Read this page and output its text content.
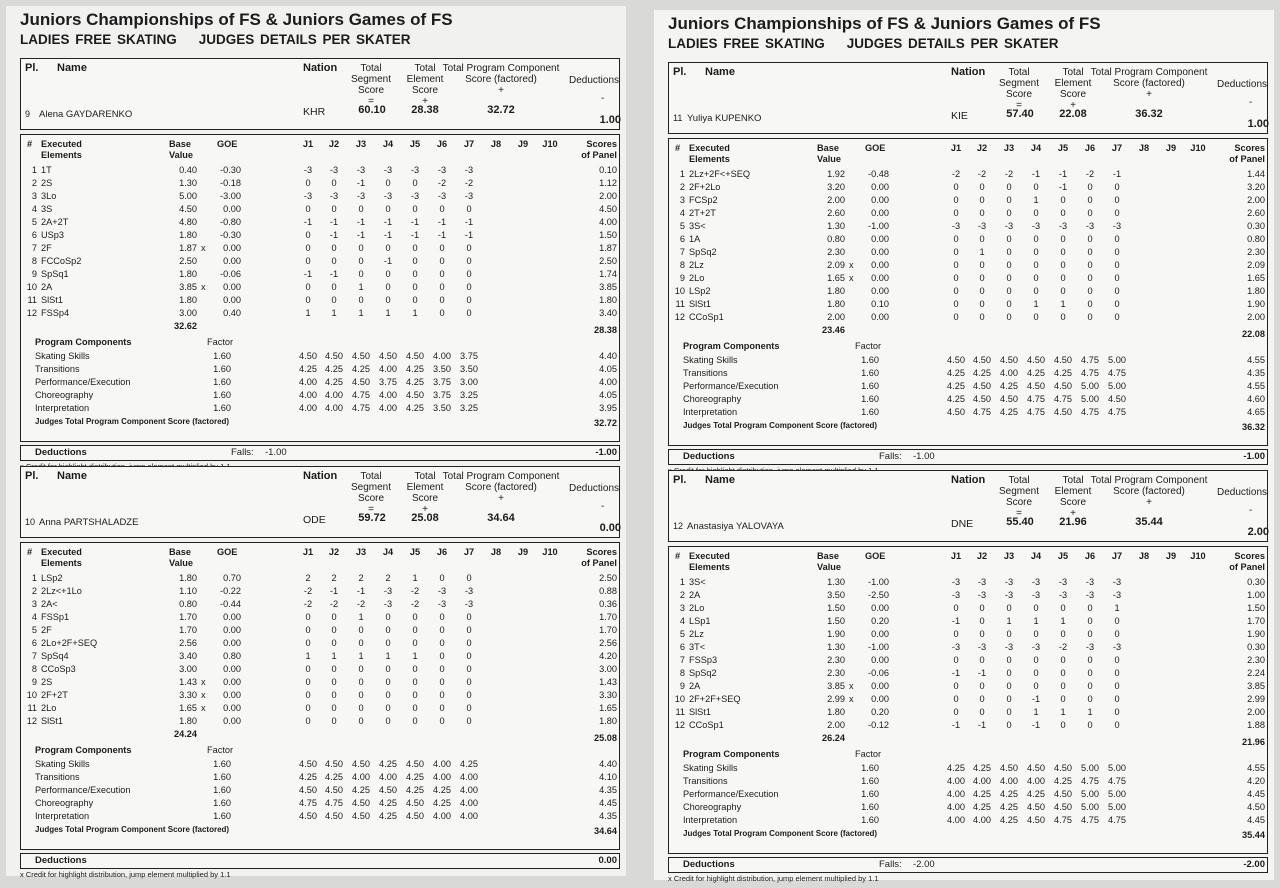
Juniors Championships of FS & Juniors Games of FS
LADIES FREE SKATING JUDGES DETAILS PER SKATER
Pl. Name	Nation	Total Segment Score
=
Total Element Score
+
Total Program Component Score (factored)
+
Deductions
-
9 Alena GAYDARENKO	KHR	60.10	28.38	32.72
1.00
# Executed Elements
Base Value
GOE	J1	J2	J3	J4	J5	J6	J7	J8	J9	J10	Scores of Panel
1 1T	0.40	-0.30	-3	-3	-3	-3	-3	-3	-3	0.10
2 2S	1.30	-0.18	0	0	-1	0	0	-2	-2	1.12
3 3Lo	5.00	-3.00	-3	-3	-3	-3	-3	-3	-3	2.00
4 3S	4.50	0.00	0	0	0	0	0	0	0	4.50
5 2A+2T	4.80	-0.80	-1	-1	-1	-1	-1	-1	-1	4.00
6 USp3	1.80	-0.30	0	-1	-1	-1	-1	-1	-1	1.50
7 2F	1.87 x	0.00	0	0	0	0	0	0	0	1.87
8 FCCoSp2	2.50	0.00	0	0	0	-1	0	0	0	2.50
9 SpSq1	1.80	-0.06	-1	-1	0	0	0	0	0	1.74
10 2A	3.85 x	0.00	0	0	1	0	0	0	0	3.85
11 SlSt1	1.80	0.00	0	0	0	0	0	0	0	1.80
12 FSSp4	3.00	0.40	1	1	1	1	1	0	0	3.40
32.62	28.38
Program Components	Factor
Skating Skills	1.60	4.50 4.50 4.50 4.50 4.50 4.00 3.75	4.40
Transitions	1.60	4.25 4.25 4.25 4.00 4.25 3.50 3.50	4.05
Performance/Execution	1.60	4.00 4.25 4.50 3.75 4.25 3.75 3.00	4.00
Choreography	1.60	4.00 4.00 4.75 4.00 4.50 3.75 3.25	4.05
Interpretation	1.60	4.00 4.00 4.75 4.00 4.25 3.50 3.25	3.95
Judges Total Program Component Score (factored)	32.72
Deductions	Falls: -1.00	-1.00
Pl. Name	Nation	Total Segment Score
=
Total Element Score
+
Total Program Component Score (factored)
+
Deductions
-
10 Anna PARTSHALADZE	ODE	59.72	25.08	34.64
0.00
# Executed Elements
Base Value
GOE	J1	J2	J3	J4	J5	J6	J7	J8	J9	J10	Scores of Panel
1 LSp2	1.80	0.70	2	2	2	2	1	0	0	2.50
2 2Lz<+1Lo	1.10	-0.22	-2	-1	-1	-3	-2	-3	-3	0.88
3 2A<	0.80	-0.44	-2	-2	-2	-3	-2	-3	-3	0.36
4 FSSp1	1.70	0.00	0	0	1	0	0	0	0	1.70
5 2F	1.70	0.00	0	0	0	0	0	0	0	1.70
6 2Lo+2F+SEQ	2.56	0.00	0	0	0	0	0	0	0	2.56
7 SpSq4	3.40	0.80	1	1	1	1	1	0	0	4.20
8 CCoSp3	3.00	0.00	0	0	0	0	0	0	0	3.00
9 2S	1.43 x	0.00	0	0	0	0	0	0	0	1.43
10 2F+2T	3.30 x	0.00	0	0	0	0	0	0	0	3.30
11 2Lo	1.65 x	0.00	0	0	0	0	0	0	0	1.65
12 SlSt1	1.80	0.00	0	0	0	0	0	0	0	1.80
24.24	25.08
Program Components	Factor
Skating Skills	1.60	4.50 4.50 4.50 4.25 4.50 4.00 4.25	4.40
Transitions	1.60	4.25 4.25 4.00 4.00 4.25 4.00 4.00	4.10
Performance/Execution	1.60	4.50 4.50 4.25 4.50 4.25 4.25 4.00	4.35
Choreography	1.60	4.75 4.75 4.50 4.25 4.50 4.25 4.00	4.45
Interpretation	1.60	4.50 4.50 4.50 4.25 4.50 4.00 4.00	4.35
Judges Total Program Component Score (factored)	34.64
Deductions	0.00
x Credit for highlight distribution, jump element multiplied by 1.1
Juniors Championships of FS & Juniors Games of FS
LADIES FREE SKATING JUDGES DETAILS PER SKATER
Pl. Name	Nation	Total Segment Score
=
Total Element Score
+
Total Program Component Score (factored)
+
Deductions
-
11 Yuliya KUPENKO	KIE	57.40	22.08	36.32
1.00
# Executed Elements
Base Value
GOE	J1	J2	J3	J4	J5	J6	J7	J8	J9	J10	Scores of Panel
1 2Lz+2F<+SEQ	1.92	-0.48	-2	-2	-2	-1	-1	-2	-1	1.44
2 2F+2Lo	3.20	0.00	0	0	0	0	-1	0	0	3.20
3 FCSp2	2.00	0.00	0	0	0	1	0	0	0	2.00
4 2T+2T	2.60	0.00	0	0	0	0	0	0	0	2.60
5 3S<	1.30	-1.00	-3	-3	-3	-3	-3	-3	-3	0.30
6 1A	0.80	0.00	0	0	0	0	0	0	0	0.80
7 SpSq2	2.30	0.00	0	1	0	0	0	0	0	2.30
8 2Lz	2.09 x	0.00	0	0	0	0	0	0	0	2.09
9 2Lo	1.65 x	0.00	0	0	0	0	0	0	0	1.65
10 LSp2	1.80	0.00	0	0	0	0	0	0	0	1.80
11 SlSt1	1.80	0.10	0	0	0	1	1	0	0	1.90
12 CCoSp1	2.00	0.00	0	0	0	0	0	0	0	2.00
23.46	22.08
Program Components	Factor
Skating Skills	1.60	4.50 4.50 4.50 4.50 4.50 4.75 5.00	4.55
Transitions	1.60	4.25 4.25 4.00 4.25 4.25 4.75 4.75	4.35
Performance/Execution	1.60	4.25 4.50 4.25 4.50 4.50 5.00 5.00	4.55
Choreography	1.60	4.25 4.50 4.50 4.75 4.75 5.00 4.50	4.60
Interpretation	1.60	4.50 4.75 4.25 4.75 4.50 4.75 4.75	4.65
Judges Total Program Component Score (factored)	36.32
Deductions	Falls: -1.00	-1.00
Pl. Name	Nation	Total Segment Score
=
Total Element Score
+
Total Program Component Score (factored)
+
Deductions
-
12 Anastasiya YALOVAYA	DNE	55.40	21.96	35.44
2.00
# Executed Elements
Base Value
GOE	J1	J2	J3	J4	J5	J6	J7	J8	J9	J10	Scores of Panel
1 3S<	1.30	-1.00	-3	-3	-3	-3	-3	-3	-3	0.30
2 2A	3.50	-2.50	-3	-3	-3	-3	-3	-3	-3	1.00
3 2Lo	1.50	0.00	0	0	0	0	0	0	1	1.50
4 LSp1	1.50	0.20	-1	0	1	1	1	0	0	1.70
5 2Lz	1.90	0.00	0	0	0	0	0	0	0	1.90
6 3T<	1.30	-1.00	-3	-3	-3	-3	-2	-3	-3	0.30
7 FSSp3	2.30	0.00	0	0	0	0	0	0	0	2.30
8 SpSq2	2.30	-0.06	-1	-1	0	0	0	0	0	2.24
9 2A	3.85 x	0.00	0	0	0	0	0	0	0	3.85
10 2F+2F+SEQ	2.99 x	0.00	0	0	0	-1	0	0	0	2.99
11 SlSt1	1.80	0.20	0	0	0	1	1	1	0	2.00
12 CCoSp1	2.00	-0.12	-1	-1	0	-1	0	0	0	1.88
26.24	21.96
Program Components	Factor
Skating Skills	1.60	4.25 4.25 4.50 4.50 4.50 5.00 5.00	4.55
Transitions	1.60	4.00 4.00 4.00 4.00 4.25 4.75 4.75	4.20
Performance/Execution	1.60	4.00 4.25 4.25 4.25 4.50 5.00 5.00	4.45
Choreography	1.60	4.00 4.25 4.25 4.50 4.50 5.00 5.00	4.50
Interpretation	1.60	4.00 4.00 4.25 4.50 4.75 4.75 4.75	4.45
Judges Total Program Component Score (factored)	35.44
Deductions	Falls: -2.00	-2.00
x Credit for highlight distribution, jump element multiplied by 1.1
